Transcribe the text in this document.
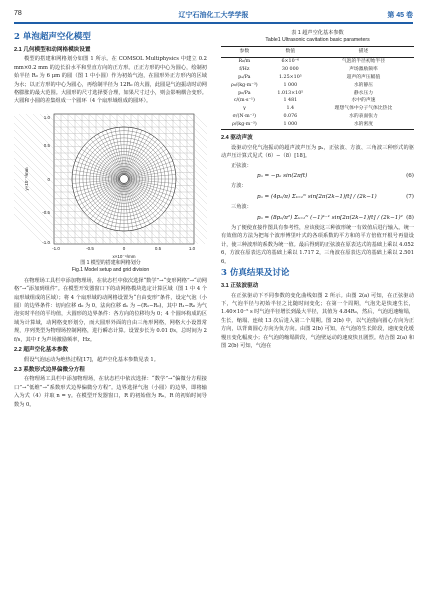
78	辽宁石油化工大学学报	第 45 卷
2 单泡超声空化模型
2.1 几何模型和动网格模块设置

模型的搭建和网格划分如图 1 所示。在 COMSOL Multiphysics 中建立 0.2 mm×0.2 mm 的边长沿水平和竖直方向的正方形。正正方形的中心为圆心，绘制初始半径 R₀ 为 6 μm 的圆（图 1 中小圆）作为初始气泡，在圆形外正方形内的区域为水；以正方形的中心为圆心，再绘制半径为 12R₀ 的大圆，此圆是气泡振动时动网格膨胀的最大范围。大圆形的尺寸选择要合理，如果尺寸过小，则会影响耦合变形。大圆和小圆的差集组成一个圆环（4 个扇形域组成的圆环）。

1.0
0.5
0
-0.5
-1.0
-1.0	-0.5	0	0.5	1.0
x×10⁻⁴/mm
y×10⁻⁴/mm
图 1 模型的搭建和网格划分
Fig.1 Model setup and grid division

在物理场工具栏中添加物理场，在状态栏中依次选择“数学”→“变形网格”→“动网格”→“添加到组件”。在模型开发器窗口下的动网格模块选定计算区域（图 1 中 4 个扇形域组成的区域）；将 4 个扇形域的动网格设置为“自由变形”条件，设定气泡（小圆）的边界条件：切向位移 d₀ 为 0，法向位移 dₙ 为 −(R₁−R₀)，其中 R₁−R₀ 为气泡实时半径的平均值，大圆形的边界条件：各方向的位移均为 0；4 个圆环构成的区域为计算域，动网格变形划分，而大圆形外面的自由三角形网格，网格大小设置常规，序列类型为物理场控制网格，进行瞬态计算。设置步长为 0.01 f/s，总时间为 2 f/s，其中 f 为声场激励频率，Hz。

2.2 超声空化基本参数

假设气泡运动为绝热过程[17]，超声空化基本参数见表 1。

2.3 系数形式边界偏微分方程

在物理场工具栏中添加物理场，在状态栏中依次选择：“数学”→“偏微分方程接口”→“低维”→“系数形式边界偏微分方程”。边界选择气泡（小圆）的边界，即将输入为式（4）并取 n = γ。在模型开发器窗口，R 的初始值为 R₀，R 的初始时间导数为 0。

表 1 超声空化基本参数
Table1 Ultrasonic cavitation basic parameters
参数	数值	描述
R₀/m	6×10⁻⁶	气泡的半径初始半径
f/Hz	30 000	声场激励频率
pₐ/Pa	1.25×10⁵	超声的声压幅值
ρ₀/(kg·m⁻³)	1 000	水的静压
p₀/Pa	1.013×10⁵	静水压力
c/(m·s⁻¹)	1 481	水中的声速
γ	1.4	理想气体中分子气体比热比
σ/(N·m⁻¹)	0.076	水的表面张力
ρ/(kg·m⁻³)	1 000	水的密度
2.4 驱动声波

设驱动空化气泡振动的超声波声压为 pₐ，正弦波、方波、三角波三种形式的驱动声压计算式见式（6）−（8）[18]。

正弦波：
pₐ = −pₐ sin(2πft)	(6)
方波：
pₐ = (4pₐ/π) Σₖ₌₁ᴺ sin[2π(2k−1)ft] / (2k−1)	(7)
三角波：
pₐ = (8pₐ/π²) Σₖ₌₁ᴺ (−1)ᵏ⁻¹ sin[2π(2k−1)ft] / (2k−1)² (8)

为了便使直接作图具有参考性，应该使这三种波形统一有效值后进行输入。统一有效值的方法为把每个波形傅里叶式的各项系数的平方和的平方倍值开根号再量设计，使三种波形的系数为统一值。最后得到的正弦波在原表达式的基础上乘以 4.052 6，方波在原表达式的基础上乘以 1.717 2，三角波在原表达式的基础上乘以 2.501 6。

3 仿真结果及讨论
3.1 正弦波驱动

在正弦驱动下不同参数的变化曲线如图 2 所示。由图 2(a) 可知，在正弦驱动下，气泡半径与初始半径之比随时间变化；在第一个周期，气泡先是快速生长，1.40×10⁻⁵ s 时气泡半径增长到最大半径，其值为 4.84R₀，然后，气泡迅速缩塌，生长、缩塌、连续 13 次后进入第二个周期。图 2(b) 中，以气泡指向圆心方向为正方向，以背离圆心方向为负方向。由图 2(b) 可知，在气泡的生长阶段，速度变化缓慢且变化幅度小；在气泡的缩塌阶段，气泡壁运动的速度快且剧烈。结合图 2(a) 和图 2(b) 可知，气泡在
